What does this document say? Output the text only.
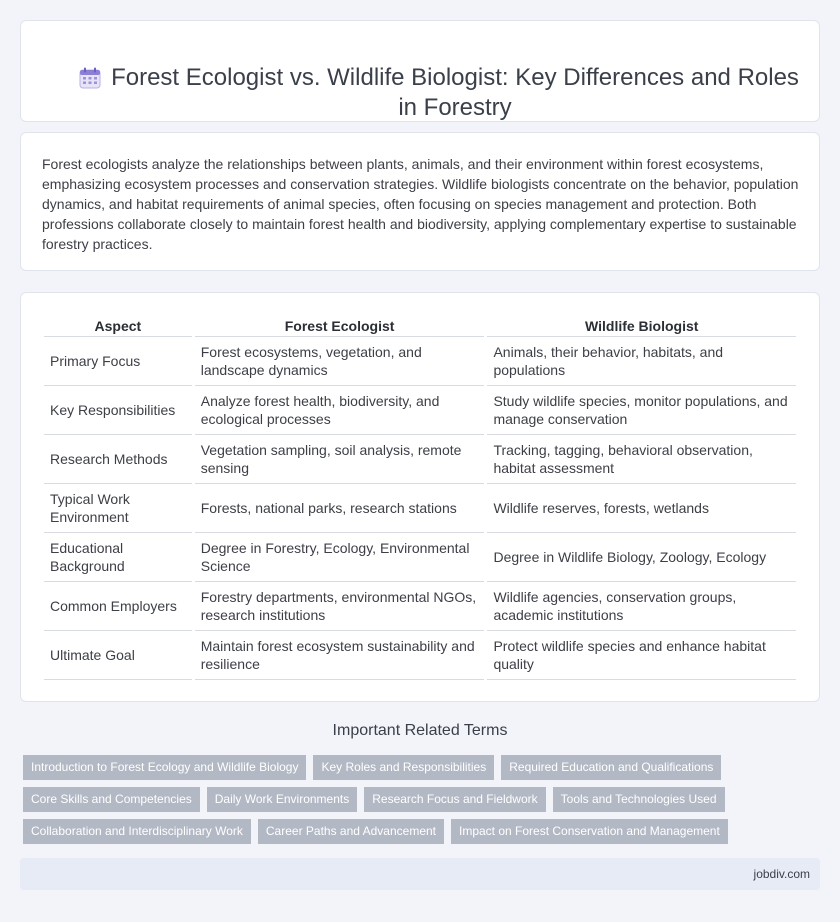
Forest Ecologist vs. Wildlife Biologist: Key Differences and Roles in Forestry

Forest ecologists analyze the relationships between plants, animals, and their environment within forest ecosystems, emphasizing ecosystem processes and conservation strategies. Wildlife biologists concentrate on the behavior, population dynamics, and habitat requirements of animal species, often focusing on species management and protection. Both professions collaborate closely to maintain forest health and biodiversity, applying complementary expertise to sustainable forestry practices.

Aspect	Forest Ecologist	Wildlife Biologist
Primary Focus	Forest ecosystems, vegetation, and landscape dynamics	Animals, their behavior, habitats, and populations
Key Responsibilities	Analyze forest health, biodiversity, and ecological processes	Study wildlife species, monitor populations, and manage conservation
Research Methods	Vegetation sampling, soil analysis, remote sensing	Tracking, tagging, behavioral observation, habitat assessment
Typical Work Environment	Forests, national parks, research stations	Wildlife reserves, forests, wetlands
Educational Background	Degree in Forestry, Ecology, Environmental Science	Degree in Wildlife Biology, Zoology, Ecology
Common Employers	Forestry departments, environmental NGOs, research institutions	Wildlife agencies, conservation groups, academic institutions
Ultimate Goal	Maintain forest ecosystem sustainability and resilience	Protect wildlife species and enhance habitat quality
Important Related Terms
Introduction to Forest Ecology and Wildlife Biology	Key Roles and Responsibilities	Required Education and Qualifications
Core Skills and Competencies	Daily Work Environments	Research Focus and Fieldwork	Tools and Technologies Used
Collaboration and Interdisciplinary Work	Career Paths and Advancement	Impact on Forest Conservation and Management
jobdiv.com
